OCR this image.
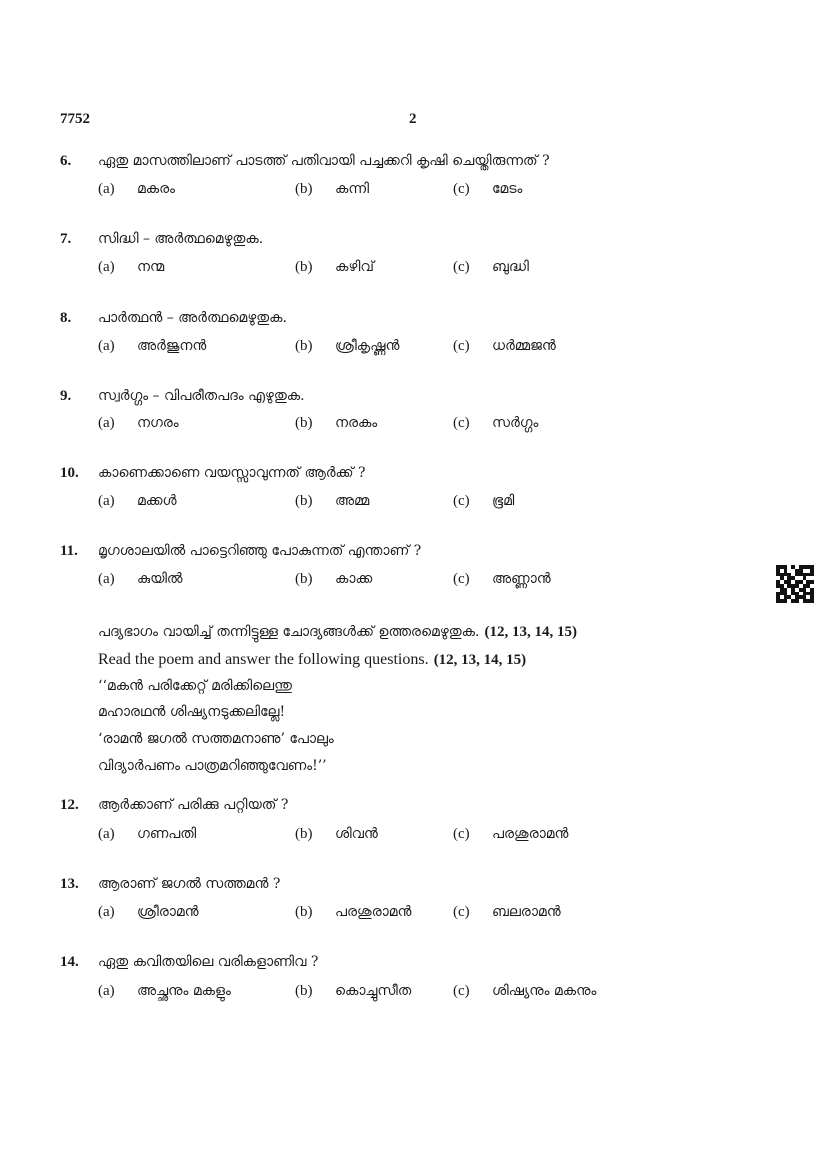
7752	2
6. ഏതു മാസത്തിലാണ് പാടത്ത് പതിവായി പച്ചക്കറി കൃഷി ചെയ്തിരുന്നത് ?
(a) മകരം	(b) കന്നി	(c) മേടം
7. സിദ്ധി – അർത്ഥമെഴുതുക.
(a) നന്മ	(b) കഴിവ്	(c) ബുദ്ധി
8. പാർത്ഥൻ – അർത്ഥമെഴുതുക.
(a) അർജുനൻ	(b) ശ്രീകൃഷ്ണൻ	(c) ധർമ്മജൻ
9. സ്വർഗ്ഗം – വിപരീതപദം എഴുതുക.
(a) നഗരം	(b) നരകം	(c) സർഗ്ഗം
10. കാണെക്കാണെ വയസ്സാവുന്നത് ആർക്ക് ?
(a) മക്കൾ	(b) അമ്മ	(c) ഭൂമി
11. മൃഗശാലയിൽ പാട്ടെറിഞ്ഞു പോകുന്നത് എന്താണ് ?
(a) കുയിൽ	(b) കാക്ക	(c) അണ്ണാൻ
പദ്യഭാഗം വായിച്ച് തന്നിട്ടുള്ള ചോദ്യങ്ങൾക്ക് ഉത്തരമെഴുതുക. (12, 13, 14, 15)
Read the poem and answer the following questions. (12, 13, 14, 15)
‘‘മകൻ പരിക്കേറ്റ് മരിക്കിലെന്തു
മഹാരഥൻ ശിഷ്യനടുക്കലില്ലേ!
‘രാമൻ ജഗൽ സത്തമനാണു’ പോലും
വിദ്യാർപണം പാത്രമറിഞ്ഞുവേണം!’’
12. ആർക്കാണ് പരിക്കു പറ്റിയത് ?
(a) ഗണപതി	(b) ശിവൻ	(c) പരശുരാമൻ
13. ആരാണ് ജഗൽ സത്തമൻ ?
(a) ശ്രീരാമൻ	(b) പരശുരാമൻ	(c) ബലരാമൻ
14. ഏതു കവിതയിലെ വരികളാണിവ ?
(a) അച്ഛനും മകളും	(b) കൊച്ചുസീത	(c) ശിഷ്യനും മകനും
